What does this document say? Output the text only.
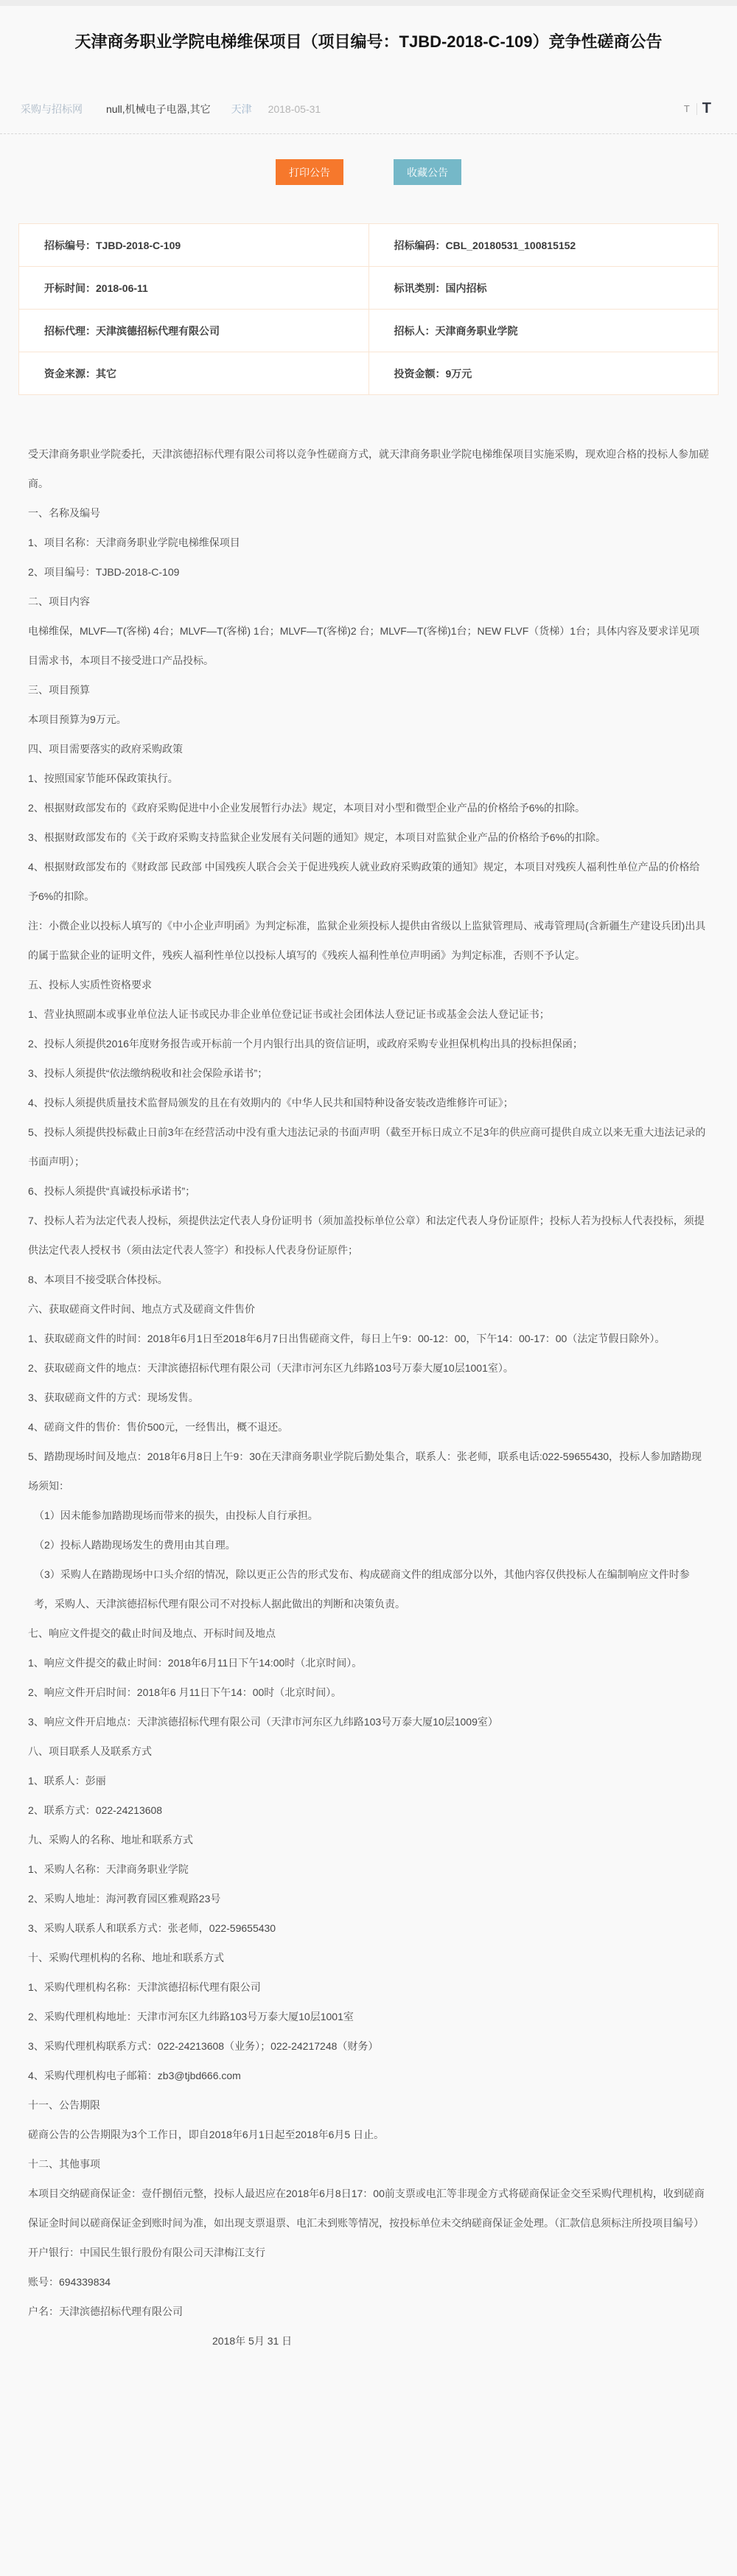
天津商务职业学院电梯维保项目（项目编号：TJBD-2018-C-109）竞争性磋商公告
采购与招标网 null,机械电子电器,其它 天津 2018-05-31	T T
打印公告	收藏公告
招标编号：TJBD-2018-C-109	招标编码：CBL_20180531_100815152
开标时间：2018-06-11	标讯类别：国内招标
招标代理：天津滨德招标代理有限公司	招标人：天津商务职业学院
资金来源：其它	投资金额：9万元

受天津商务职业学院委托，天津滨德招标代理有限公司将以竞争性磋商方式，就天津商务职业学院电梯维保项目实施采购，现欢迎合格的投标人参加磋商。

一、名称及编号

1、项目名称：天津商务职业学院电梯维保项目

2、项目编号：TJBD-2018-C-109

二、项目内容

电梯维保，MLVF—T(客梯) 4台；MLVF—T(客梯) 1台；MLVF—T(客梯)2 台；MLVF—T(客梯)1台；NEW FLVF（货梯）1台；具体内容及要求详见项目需求书，本项目不接受进口产品投标。

三、项目预算

本项目预算为9万元。

四、项目需要落实的政府采购政策

1、按照国家节能环保政策执行。

2、根据财政部发布的《政府采购促进中小企业发展暂行办法》规定，本项目对小型和微型企业产品的价格给予6%的扣除。

3、根据财政部发布的《关于政府采购支持监狱企业发展有关问题的通知》规定，本项目对监狱企业产品的价格给予6%的扣除。

4、根据财政部发布的《财政部 民政部 中国残疾人联合会关于促进残疾人就业政府采购政策的通知》规定，本项目对残疾人福利性单位产品的价格给予6%的扣除。

注：小微企业以投标人填写的《中小企业声明函》为判定标准，监狱企业须投标人提供由省级以上监狱管理局、戒毒管理局(含新疆生产建设兵团)出具的属于监狱企业的证明文件，残疾人福利性单位以投标人填写的《残疾人福利性单位声明函》为判定标准，否则不予认定。

五、投标人实质性资格要求

1、营业执照副本或事业单位法人证书或民办非企业单位登记证书或社会团体法人登记证书或基金会法人登记证书；

2、投标人须提供2016年度财务报告或开标前一个月内银行出具的资信证明，或政府采购专业担保机构出具的投标担保函；

3、投标人须提供“依法缴纳税收和社会保险承诺书”；

4、投标人须提供质量技术监督局颁发的且在有效期内的《中华人民共和国特种设备安装改造维修许可证》；

5、投标人须提供投标截止日前3年在经营活动中没有重大违法记录的书面声明（截至开标日成立不足3年的供应商可提供自成立以来无重大违法记录的书面声明）；

6、投标人须提供“真诚投标承诺书”；

7、投标人若为法定代表人投标，须提供法定代表人身份证明书（须加盖投标单位公章）和法定代表人身份证原件；投标人若为投标人代表投标，须提供法定代表人授权书（须由法定代表人签字）和投标人代表身份证原件；

8、本项目不接受联合体投标。

六、获取磋商文件时间、地点方式及磋商文件售价

1、获取磋商文件的时间：2018年6月1日至2018年6月7日出售磋商文件，每日上午9：00-12：00，下午14：00-17：00（法定节假日除外）。

2、获取磋商文件的地点：天津滨德招标代理有限公司（天津市河东区九纬路103号万泰大厦10层1001室）。

3、获取磋商文件的方式：现场发售。

4、磋商文件的售价：售价500元，一经售出，概不退还。

5、踏勘现场时间及地点：2018年6月8日上午9：30在天津商务职业学院后勤处集合，联系人：张老师，联系电话:022-59655430，投标人参加踏勘现场须知：

（1）因未能参加踏勘现场而带来的损失，由投标人自行承担。

（2）投标人踏勘现场发生的费用由其自理。

（3）采购人在踏勘现场中口头介绍的情况，除以更正公告的形式发布、构成磋商文件的组成部分以外，其他内容仅供投标人在编制响应文件时参考，采购人、天津滨德招标代理有限公司不对投标人据此做出的判断和决策负责。

七、响应文件提交的截止时间及地点、开标时间及地点

1、响应文件提交的截止时间：2018年6月11日下午14:00时（北京时间）。

2、响应文件开启时间：2018年6 月11日下午14：00时（北京时间）。

3、响应文件开启地点：天津滨德招标代理有限公司（天津市河东区九纬路103号万泰大厦10层1009室）

八、项目联系人及联系方式

1、联系人：彭丽

2、联系方式：022-24213608

九、采购人的名称、地址和联系方式

1、采购人名称：天津商务职业学院

2、采购人地址：海河教育园区雅观路23号

3、采购人联系人和联系方式：张老师，022-59655430

十、采购代理机构的名称、地址和联系方式

1、采购代理机构名称：天津滨德招标代理有限公司

2、采购代理机构地址：天津市河东区九纬路103号万泰大厦10层1001室

3、采购代理机构联系方式：022-24213608（业务）；022-24217248（财务）

4、采购代理机构电子邮箱：zb3@tjbd666.com

十一、公告期限

磋商公告的公告期限为3个工作日，即自2018年6月1日起至2018年6月5 日止。

十二、其他事项

本项目交纳磋商保证金：壹仟捌佰元整，投标人最迟应在2018年6月8日17：00前支票或电汇等非现金方式将磋商保证金交至采购代理机构，收到磋商保证金时间以磋商保证金到账时间为准，如出现支票退票、电汇未到账等情况，按投标单位未交纳磋商保证金处理。（汇款信息须标注所投项目编号）

开户银行：中国民生银行股份有限公司天津梅江支行

账号：694339834

户名：天津滨德招标代理有限公司

2018年 5月 31 日
